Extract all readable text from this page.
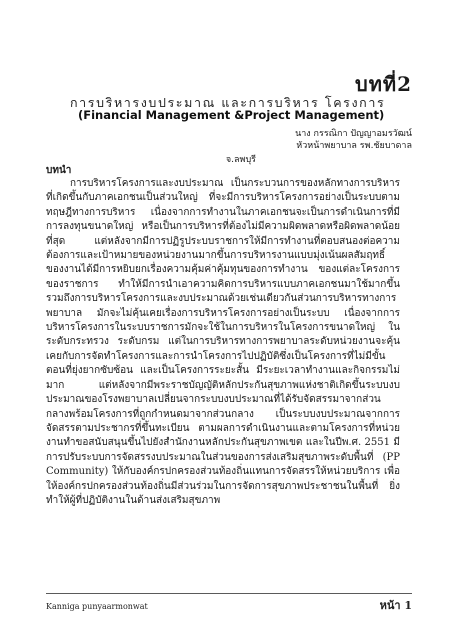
บทที่2
การบริหารงบประมาณ และการบริหาร โครงการ
(Financial Management &Project Management)
นาง กรรณิกา ปัญญาอมรวัฒน์
หัวหน้าพยาบาล รพ.ชัยบาดาล
จ.ลพบุรี
บทนำ

การบริหารโครงการและงบประมาณ เป็นกระบวนการของหลักทางการบริหาร ที่เกิดขึ้นกับภาคเอกชนเป็นส่วนใหญ่ ที่จะมีการบริหารโครงการอย่างเป็นระบบตามทฤษฎีทางการบริหาร เนื่องจากการทำงานในภาคเอกชนจะเป็นการดำเนินการที่มีการลงทุนขนาดใหญ่ หรือเป็นการบริหารที่ต้องไม่มีความผิดพลาดหรือผิดพลาดน้อยที่สุด แต่หลังจากมีการปฏิรูประบบราชการให้มีการทำงานที่ตอบสนองต่อความต้องการและเป้าหมายของหน่วยงานมากขึ้นการบริหารงานแบบมุ่งเน้นผลสัมฤทธิ์ของงานได้มีการหยิบยกเรื่องความคุ้มค่าคุ้มทุนของการทำงาน ของแต่ละโครงการของราชการ ทำให้มีการนำเอาความคิดการบริหารแบบภาคเอกชนมาใช้มากขึ้นรวมถึงการบริหารโครงการและงบประมาณด้วยเช่นเดียวกันส่วนการบริหารทางการพยาบาล มักจะไม่คุ้นเคยเรื่องการบริหารโครงการอย่างเป็นระบบ เนื่องจากการบริหารโครงการในระบบราชการมักจะใช้ในการบริหารในโครงการขนาดใหญ่ ในระดับกระทรวง ระดับกรม แต่ในการบริหารทางการพยาบาลระดับหน่วยงานจะคุ้นเคยกับการจัดทำโครงการและการนำโครงการไปปฏิบัติซึ่งเป็นโครงการที่ไม่มีขั้นตอนที่ยุ่งยากซับซ้อน และเป็นโครงการระยะสั้น มีระยะเวลาทำงานและกิจกรรมไม่มาก แต่หลังจากมีพระราชบัญญัติหลักประกันสุขภาพแห่งชาติเกิดขึ้นระบบงบประมาณของโรงพยาบาลเปลี่ยนจากระบบงบประมาณที่ได้รับจัดสรรมาจากส่วนกลางพร้อมโครงการที่ถูกกำหนดมาจากส่วนกลาง เป็นระบบงบประมาณจากการจัดสรรตามประชากรที่ขึ้นทะเบียน ตามผลการดำเนินงานและตามโครงการที่หน่วยงานทำขอสนับสนุนขึ้นไปยังสำนักงานหลักประกันสุขภาพเขต และในปีพ.ศ. 2551 มีการปรับระบบการจัดสรรงบประมาณในส่วนของการส่งเสริมสุขภาพระดับพื้นที่ (PP Community) ให้กับองค์กรปกครองส่วนท้องถิ่นแทนการจัดสรรให้หน่วยบริการ เพื่อให้องค์กรปกครองส่วนท้องถิ่นมีส่วนร่วมในการจัดการสุขภาพประชาชนในพื้นที่ ยิ่งทำให้ผู้ที่ปฏิบัติงานในด้านส่งเสริมสุขภาพ

Kanniga punyaarmonwat	หน้า 1
